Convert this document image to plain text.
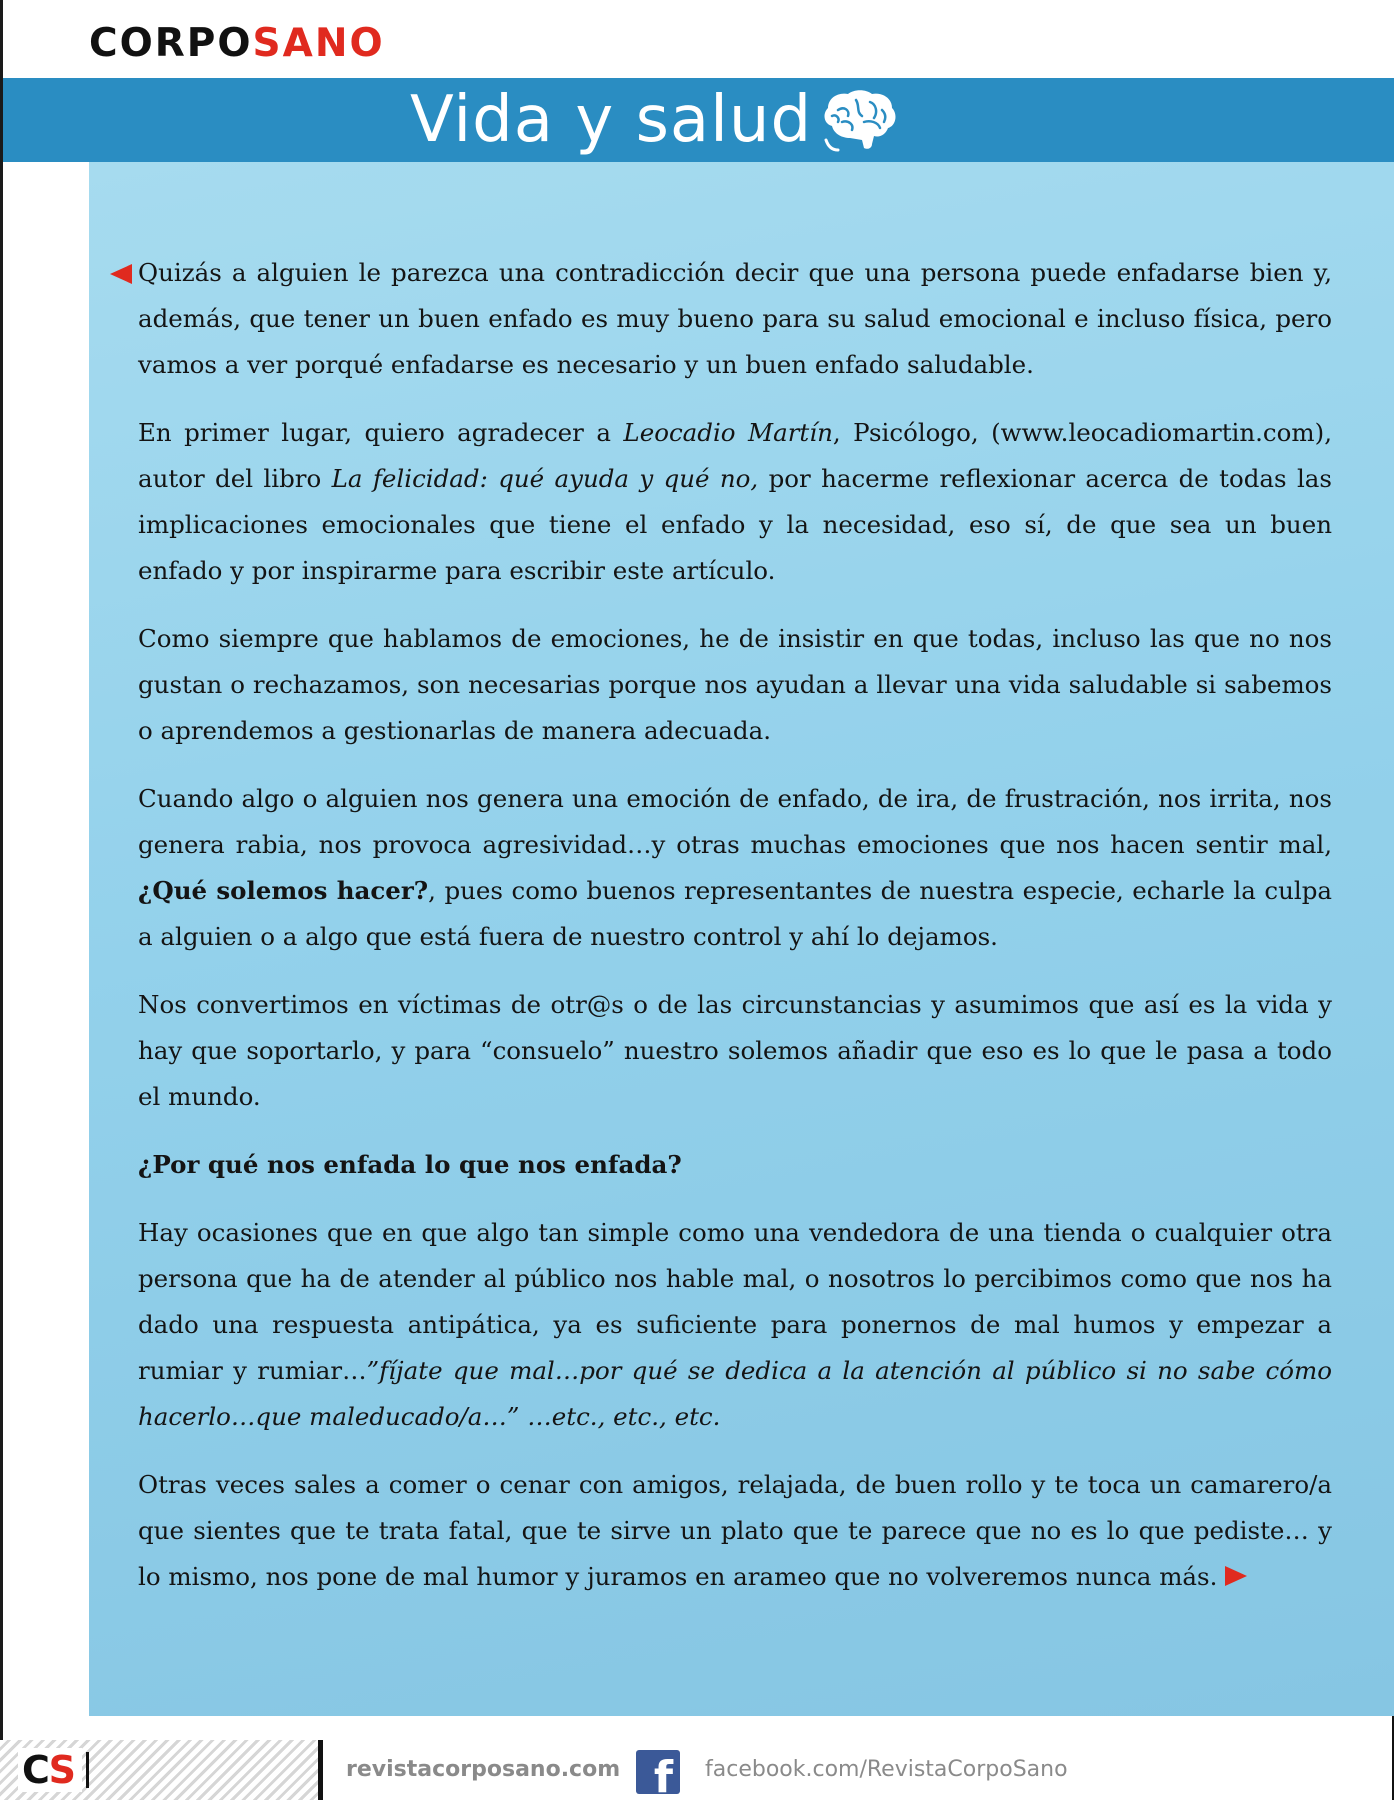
CORPOSANO
Vida y salud

Quizás a alguien le parezca una contradicción decir que una persona puede enfadarse bien y, además, que tener un buen enfado es muy bueno para su salud emocional e incluso física, pero vamos a ver porqué enfadarse es necesario y un buen enfado saludable.

En primer lugar, quiero agradecer a Leocadio Martín, Psicólogo, (www.leocadiomartin.com), autor del libro La felicidad: qué ayuda y qué no, por hacerme reflexionar acerca de todas las implicaciones emocionales que tiene el enfado y la necesidad, eso sí, de que sea un buen enfado y por inspirarme para escribir este artículo.

Como siempre que hablamos de emociones, he de insistir en que todas, incluso las que no nos gustan o rechazamos, son necesarias porque nos ayudan a llevar una vida saludable si sabemos o aprendemos a gestionarlas de manera adecuada.

Cuando algo o alguien nos genera una emoción de enfado, de ira, de frustración, nos irrita, nos genera rabia, nos provoca agresividad…y otras muchas emociones que nos hacen sentir mal, ¿Qué solemos hacer?, pues como buenos representantes de nuestra especie, echarle la culpa a alguien o a algo que está fuera de nuestro control y ahí lo dejamos.

Nos convertimos en víctimas de otr@s o de las circunstancias y asumimos que así es la vida y hay que soportarlo, y para “consuelo” nuestro solemos añadir que eso es lo que le pasa a todo el mundo.

¿Por qué nos enfada lo que nos enfada?

Hay ocasiones que en que algo tan simple como una vendedora de una tienda o cualquier otra persona que ha de atender al público nos hable mal, o nosotros lo percibimos como que nos ha dado una respuesta antipática, ya es suficiente para ponernos de mal humos y empezar a rumiar y rumiar…”fíjate que mal…por qué se dedica a la atención al público si no sabe cómo hacerlo…que maleducado/a…” …etc., etc., etc.

Otras veces sales a comer o cenar con amigos, relajada, de buen rollo y te toca un camarero/a que sientes que te trata fatal, que te sirve un plato que te parece que no es lo que pediste… y lo mismo, nos pone de mal humor y juramos en arameo que no volveremos nunca más.

CS	revistacorposano.com f facebook.com/RevistaCorpoSano
